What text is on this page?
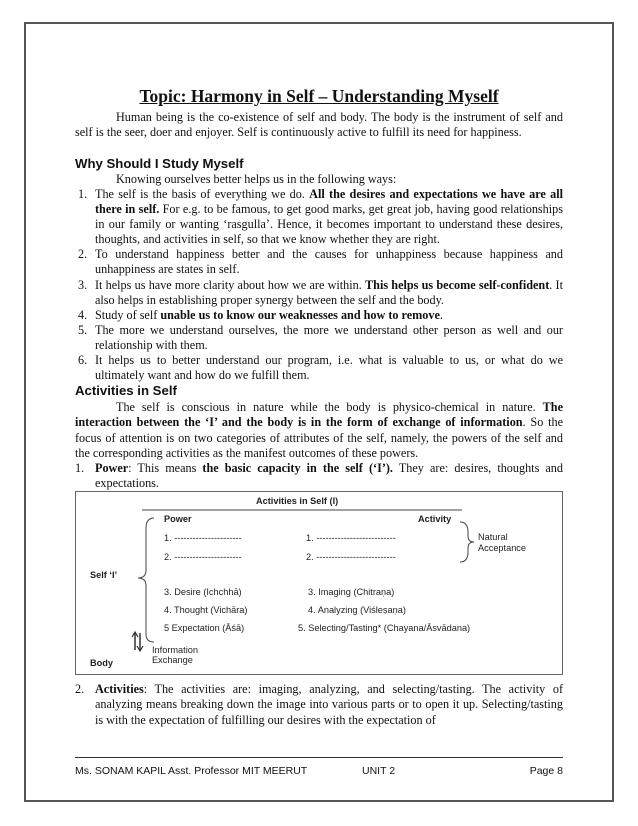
Topic: Harmony in Self – Understanding Myself
Human being is the co-existence of self and body. The body is the instrument of self and self is the seer, doer and enjoyer. Self is continuously active to fulfill its need for happiness.
Why Should I Study Myself
Knowing ourselves better helps us in the following ways:
1. The self is the basis of everything we do. All the desires and expectations we have are all there in self. For e.g. to be famous, to get good marks, get great job, having good relationships in our family or wanting ‘rasgulla’. Hence, it becomes important to understand these desires, thoughts, and activities in self, so that we know whether they are right.
2. To understand happiness better and the causes for unhappiness because happiness and unhappiness are states in self.
3. It helps us have more clarity about how we are within. This helps us become self-confident. It also helps in establishing proper synergy between the self and the body.
4. Study of self unable us to know our weaknesses and how to remove.
5. The more we understand ourselves, the more we understand other person as well and our relationship with them.
6. It helps us to better understand our program, i.e. what is valuable to us, or what do we ultimately want and how do we fulfill them.
Activities in Self
The self is conscious in nature while the body is physico-chemical in nature. The interaction between the ‘I’ and the body is in the form of exchange of information. So the focus of attention is on two categories of attributes of the self, namely, the powers of the self and the corresponding activities as the manifest outcomes of these powers.
1. Power: This means the basic capacity in the self (‘I’). They are: desires, thoughts and expectations.
Activities in Self (I)
Power	Activity
1. ----------------------
2. ----------------------
1. --------------------------
2. --------------------------
Natural
Acceptance
Self ‘I’
3. Desire (Ichchhā)
4. Thought (Vichāra)
5 Expectation (Āśā)
3. Imaging (Chitraṇa)
4. Analyzing (Viśleṣaṇa)
5. Selecting/Tasting* (Chayana/Āsvādana)
Information
Exchange
Body
2. Activities: The activities are: imaging, analyzing, and selecting/tasting. The activity of analyzing means breaking down the image into various parts or to open it up. Selecting/tasting is with the expectation of fulfilling our desires with the expectation of
Ms. SONAM KAPIL Asst. Professor MIT MEERUT	UNIT 2	Page 8
